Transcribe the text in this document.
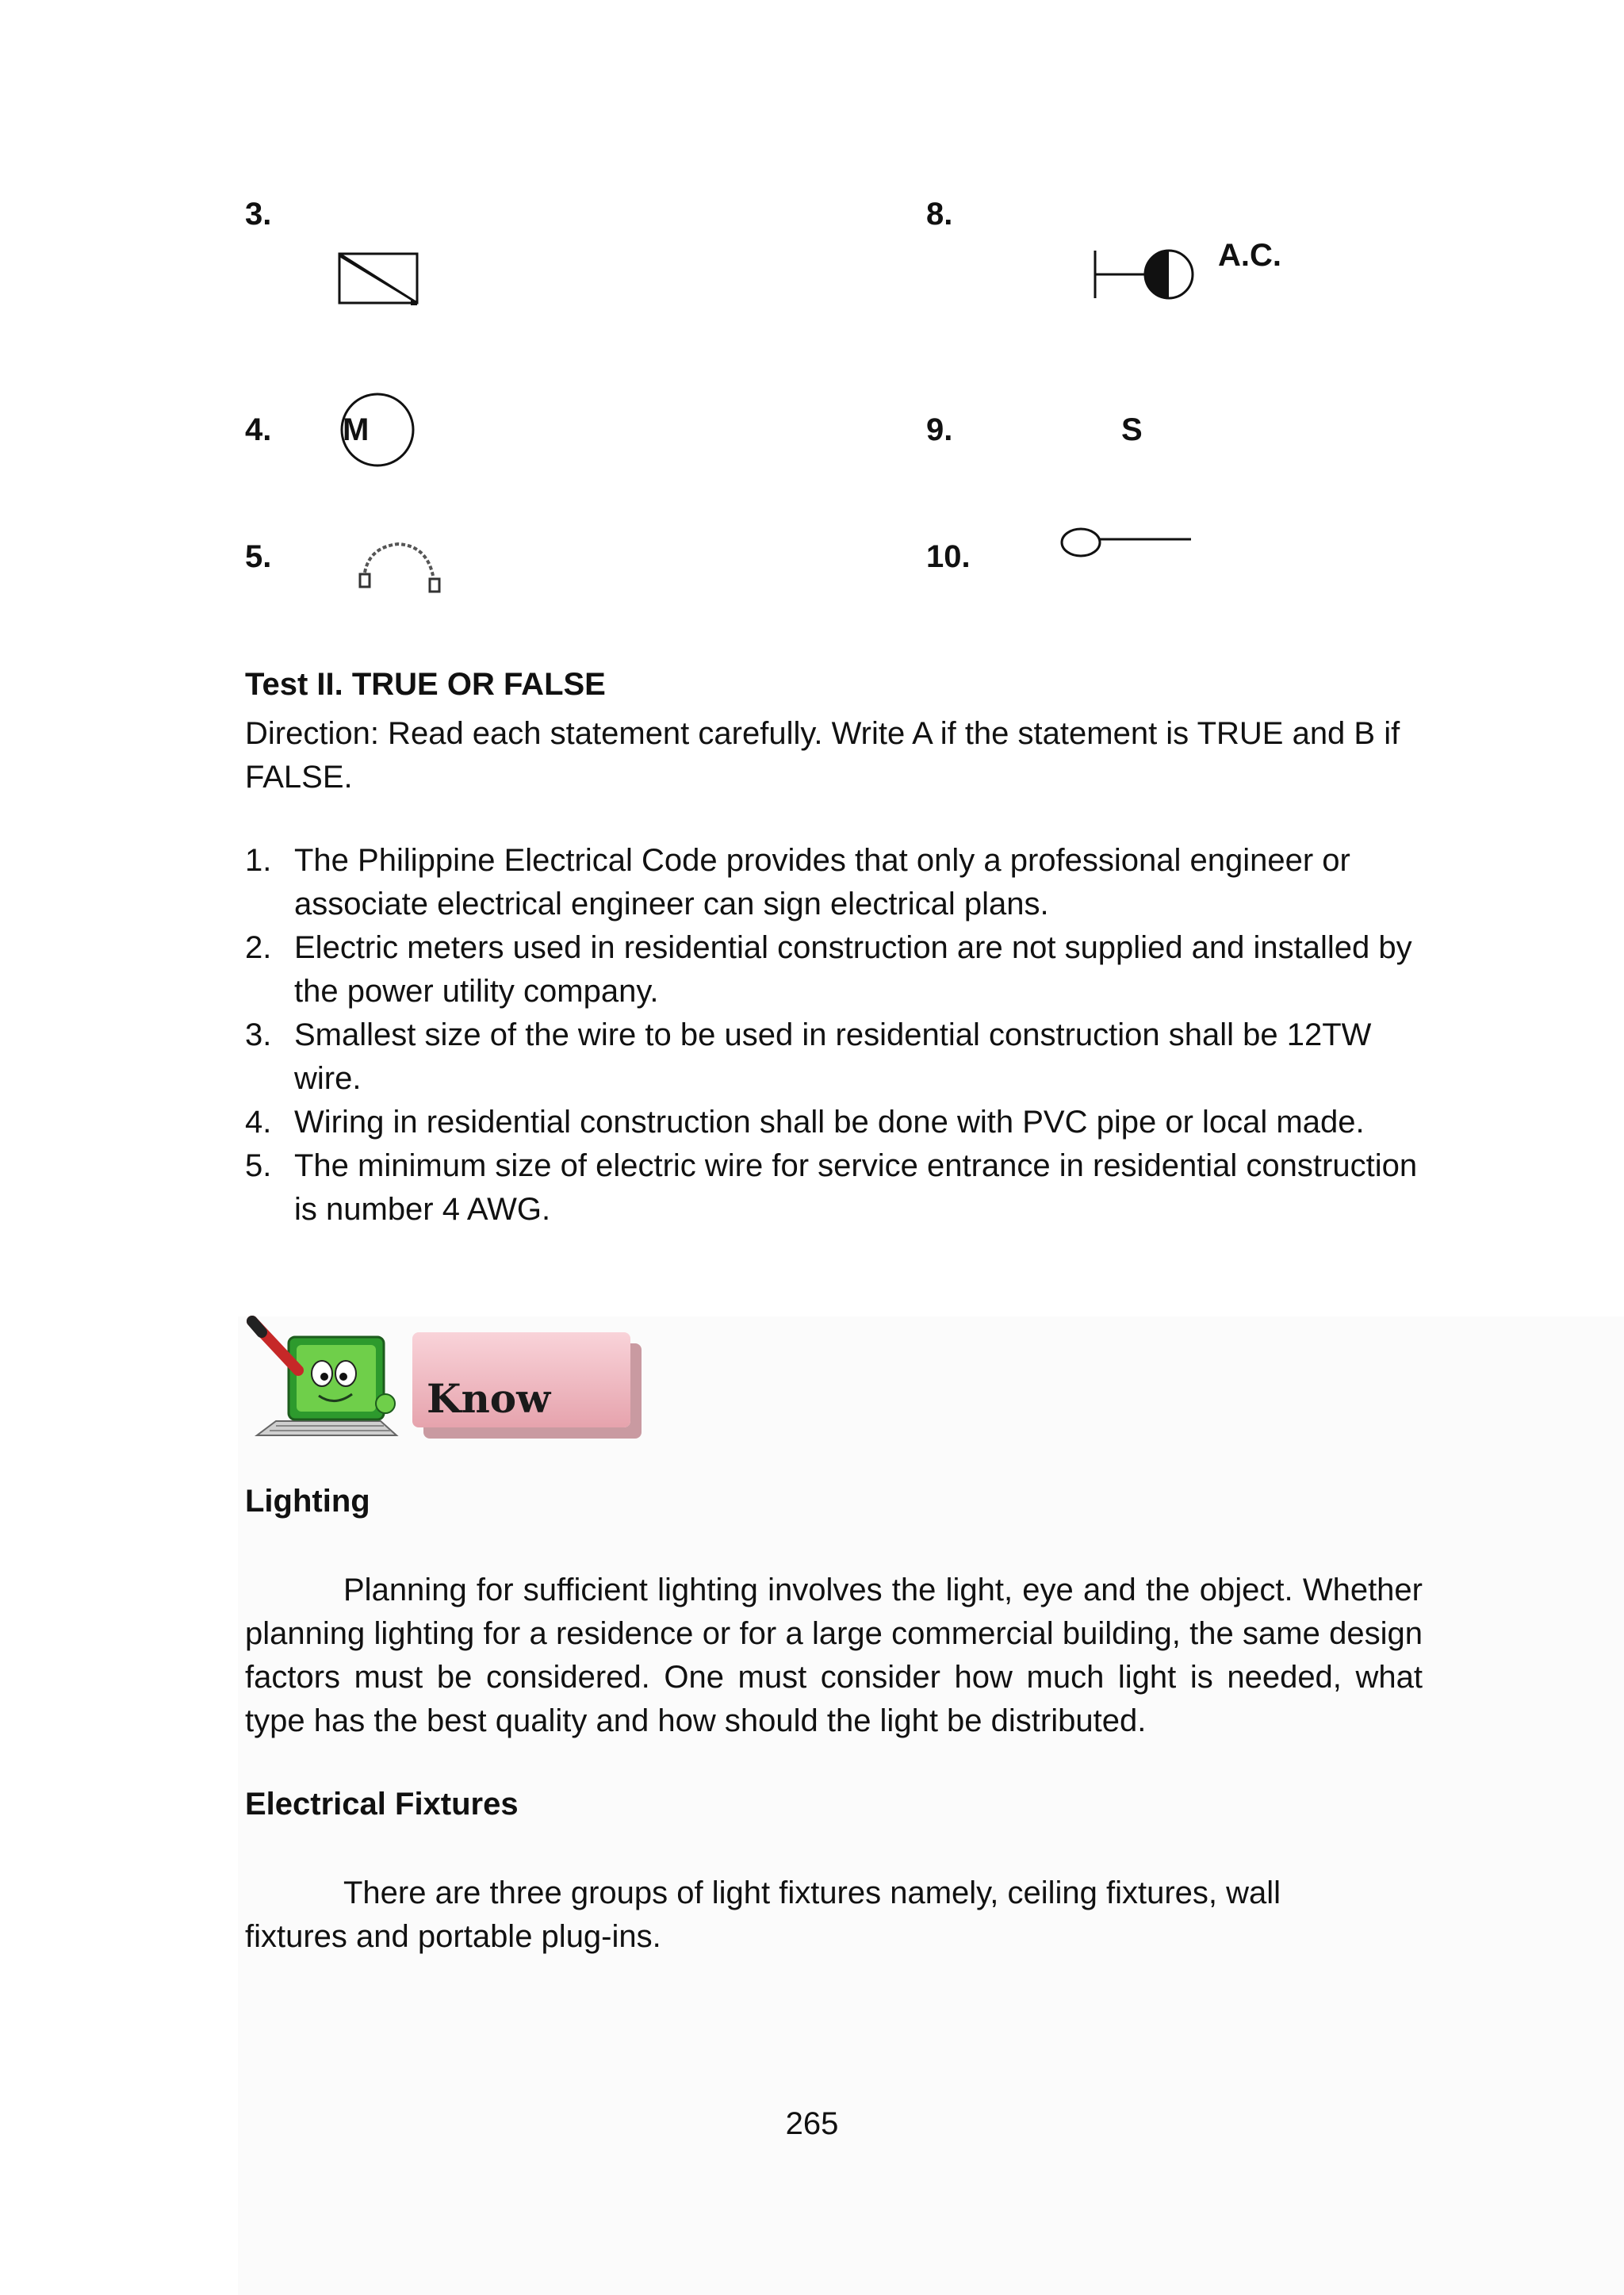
3.
4. M
5.
8.
A.C.
9.	S
10.
Test II. TRUE OR FALSE
Direction: Read each statement carefully. Write A if the statement is TRUE and B if FALSE.
1. The Philippine Electrical Code provides that only a professional engineer or associate electrical engineer can sign electrical plans.
2. Electric meters used in residential construction are not supplied and installed by the power utility company.
3. Smallest size of the wire to be used in residential construction shall be 12TW wire.
4. Wiring in residential construction shall be done with PVC pipe or local made.
5. The minimum size of electric wire for service entrance in residential construction is number 4 AWG.
Know
Lighting
Planning for sufficient lighting involves the light, eye and the object. Whether planning lighting for a residence or for a large commercial building, the same design factors must be considered. One must consider how much light is needed, what type has the best quality and how should the light be distributed.
Electrical Fixtures
There are three groups of light fixtures namely, ceiling fixtures, wall fixtures and portable plug-ins.
265
